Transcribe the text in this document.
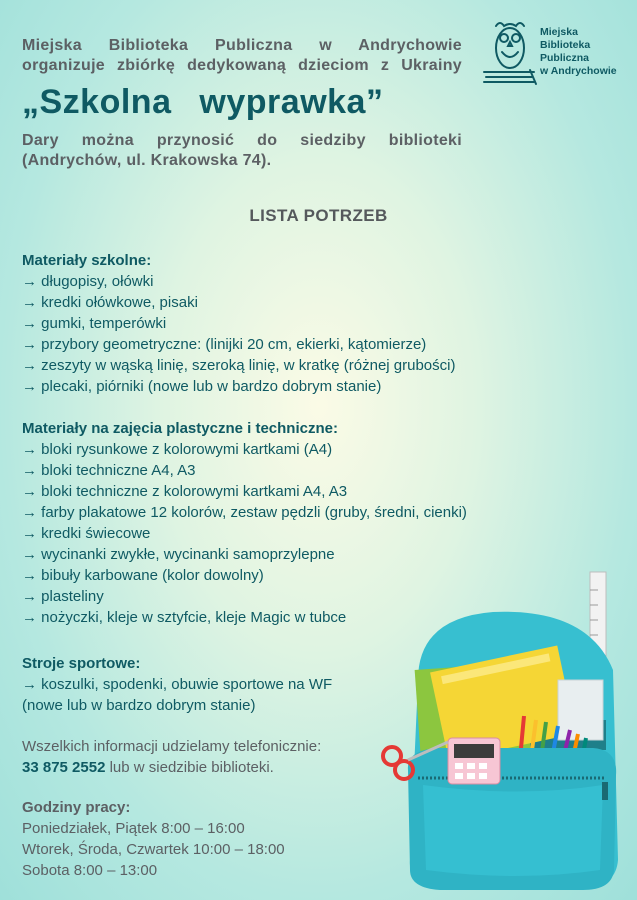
Miejska Biblioteka Publiczna w Andrychowie
organizuje zbiórkę dedykowaną dzieciom z Ukrainy
„Szkolna wyprawka”
Dary można przynosić do siedziby biblioteki
(Andrychów, ul. Krakowska 74).
Miejska
Biblioteka
Publiczna
w Andrychowie
LISTA POTRZEB
Materiały szkolne:
→ długopisy, ołówki
→ kredki ołówkowe, pisaki
→ gumki, temperówki
→ przybory geometryczne: (linijki 20 cm, ekierki, kątomierze)
→ zeszyty w wąską linię, szeroką linię, w kratkę (różnej grubości)
→ plecaki, piórniki (nowe lub w bardzo dobrym stanie)
Materiały na zajęcia plastyczne i techniczne:
→ bloki rysunkowe z kolorowymi kartkami (A4)
→ bloki techniczne A4, A3
→ bloki techniczne z kolorowymi kartkami A4, A3
→ farby plakatowe 12 kolorów, zestaw pędzli (gruby, średni, cienki)
→ kredki świecowe
→ wycinanki zwykłe, wycinanki samoprzylepne
→ bibuły karbowane (kolor dowolny)
→ plasteliny
→ nożyczki, kleje w sztyfcie, kleje Magic w tubce
Stroje sportowe:
→ koszulki, spodenki, obuwie sportowe na WF
(nowe lub w bardzo dobrym stanie)
Wszelkich informacji udzielamy telefonicznie:
33 875 2552 lub w siedzibie biblioteki.
Godziny pracy:
Poniedziałek, Piątek 8:00 – 16:00
Wtorek, Środa, Czwartek 10:00 – 18:00
Sobota 8:00 – 13:00
